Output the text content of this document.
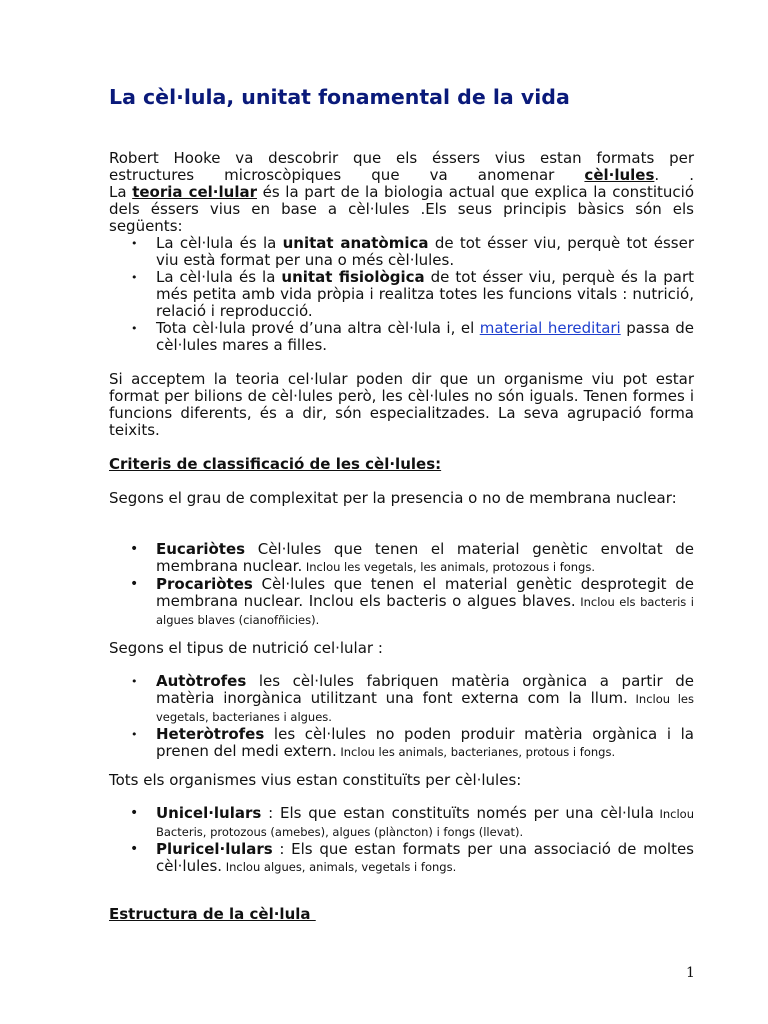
La cèl·lula, unitat fonamental de la vida
Robert Hooke va descobrir que els éssers vius estan formats per
estructures microscòpiques que va anomenar cèl·lules. .
La teoria cel·lular és la part de la biologia actual que explica la constitució dels éssers vius en base a cèl·lules .Els seus principis bàsics són els següents:
• La cèl·lula és la unitat anatòmica de tot ésser viu, perquè tot ésser viu està format per una o més cèl·lules.
• La cèl·lula és la unitat fisiològica de tot ésser viu, perquè és la part més petita amb vida pròpia i realitza totes les funcions vitals : nutrició, relació i reproducció.
• Tota cèl·lula prové d’una altra cèl·lula i, el material hereditari passa de cèl·lules mares a filles.
Si acceptem la teoria cel·lular poden dir que un organisme viu pot estar format per bilions de cèl·lules però, les cèl·lules no són iguals. Tenen formes i funcions diferents, és a dir, són especialitzades. La seva agrupació forma teixits.
Criteris de classificació de les cèl·lules:
Segons el grau de complexitat per la presencia o no de membrana nuclear:
• Eucariòtes Cèl·lules que tenen el material genètic envoltat de membrana nuclear. Inclou les vegetals, les animals, protozous i fongs.
• Procariòtes Cèl·lules que tenen el material genètic desprotegit de membrana nuclear. Inclou els bacteris o algues blaves. Inclou els bacteris i algues blaves (cianofñicies).
Segons el tipus de nutrició cel·lular :
• Autòtrofes les cèl·lules fabriquen matèria orgànica a partir de matèria inorgànica utilitzant una font externa com la llum. Inclou les vegetals, bacterianes i algues.
• Heteròtrofes les cèl·lules no poden produir matèria orgànica i la prenen del medi extern. Inclou les animals, bacterianes, protous i fongs.
Tots els organismes vius estan constituïts per cèl·lules:
• Unicel·lulars : Els que estan constituïts només per una cèl·lula Inclou Bacteris, protozous (amebes), algues (plàncton) i fongs (llevat).
• Pluricel·lulars : Els que estan formats per una associació de moltes cèl·lules. Inclou algues, animals, vegetals i fongs.
Estructura de la cèl·lula
1
